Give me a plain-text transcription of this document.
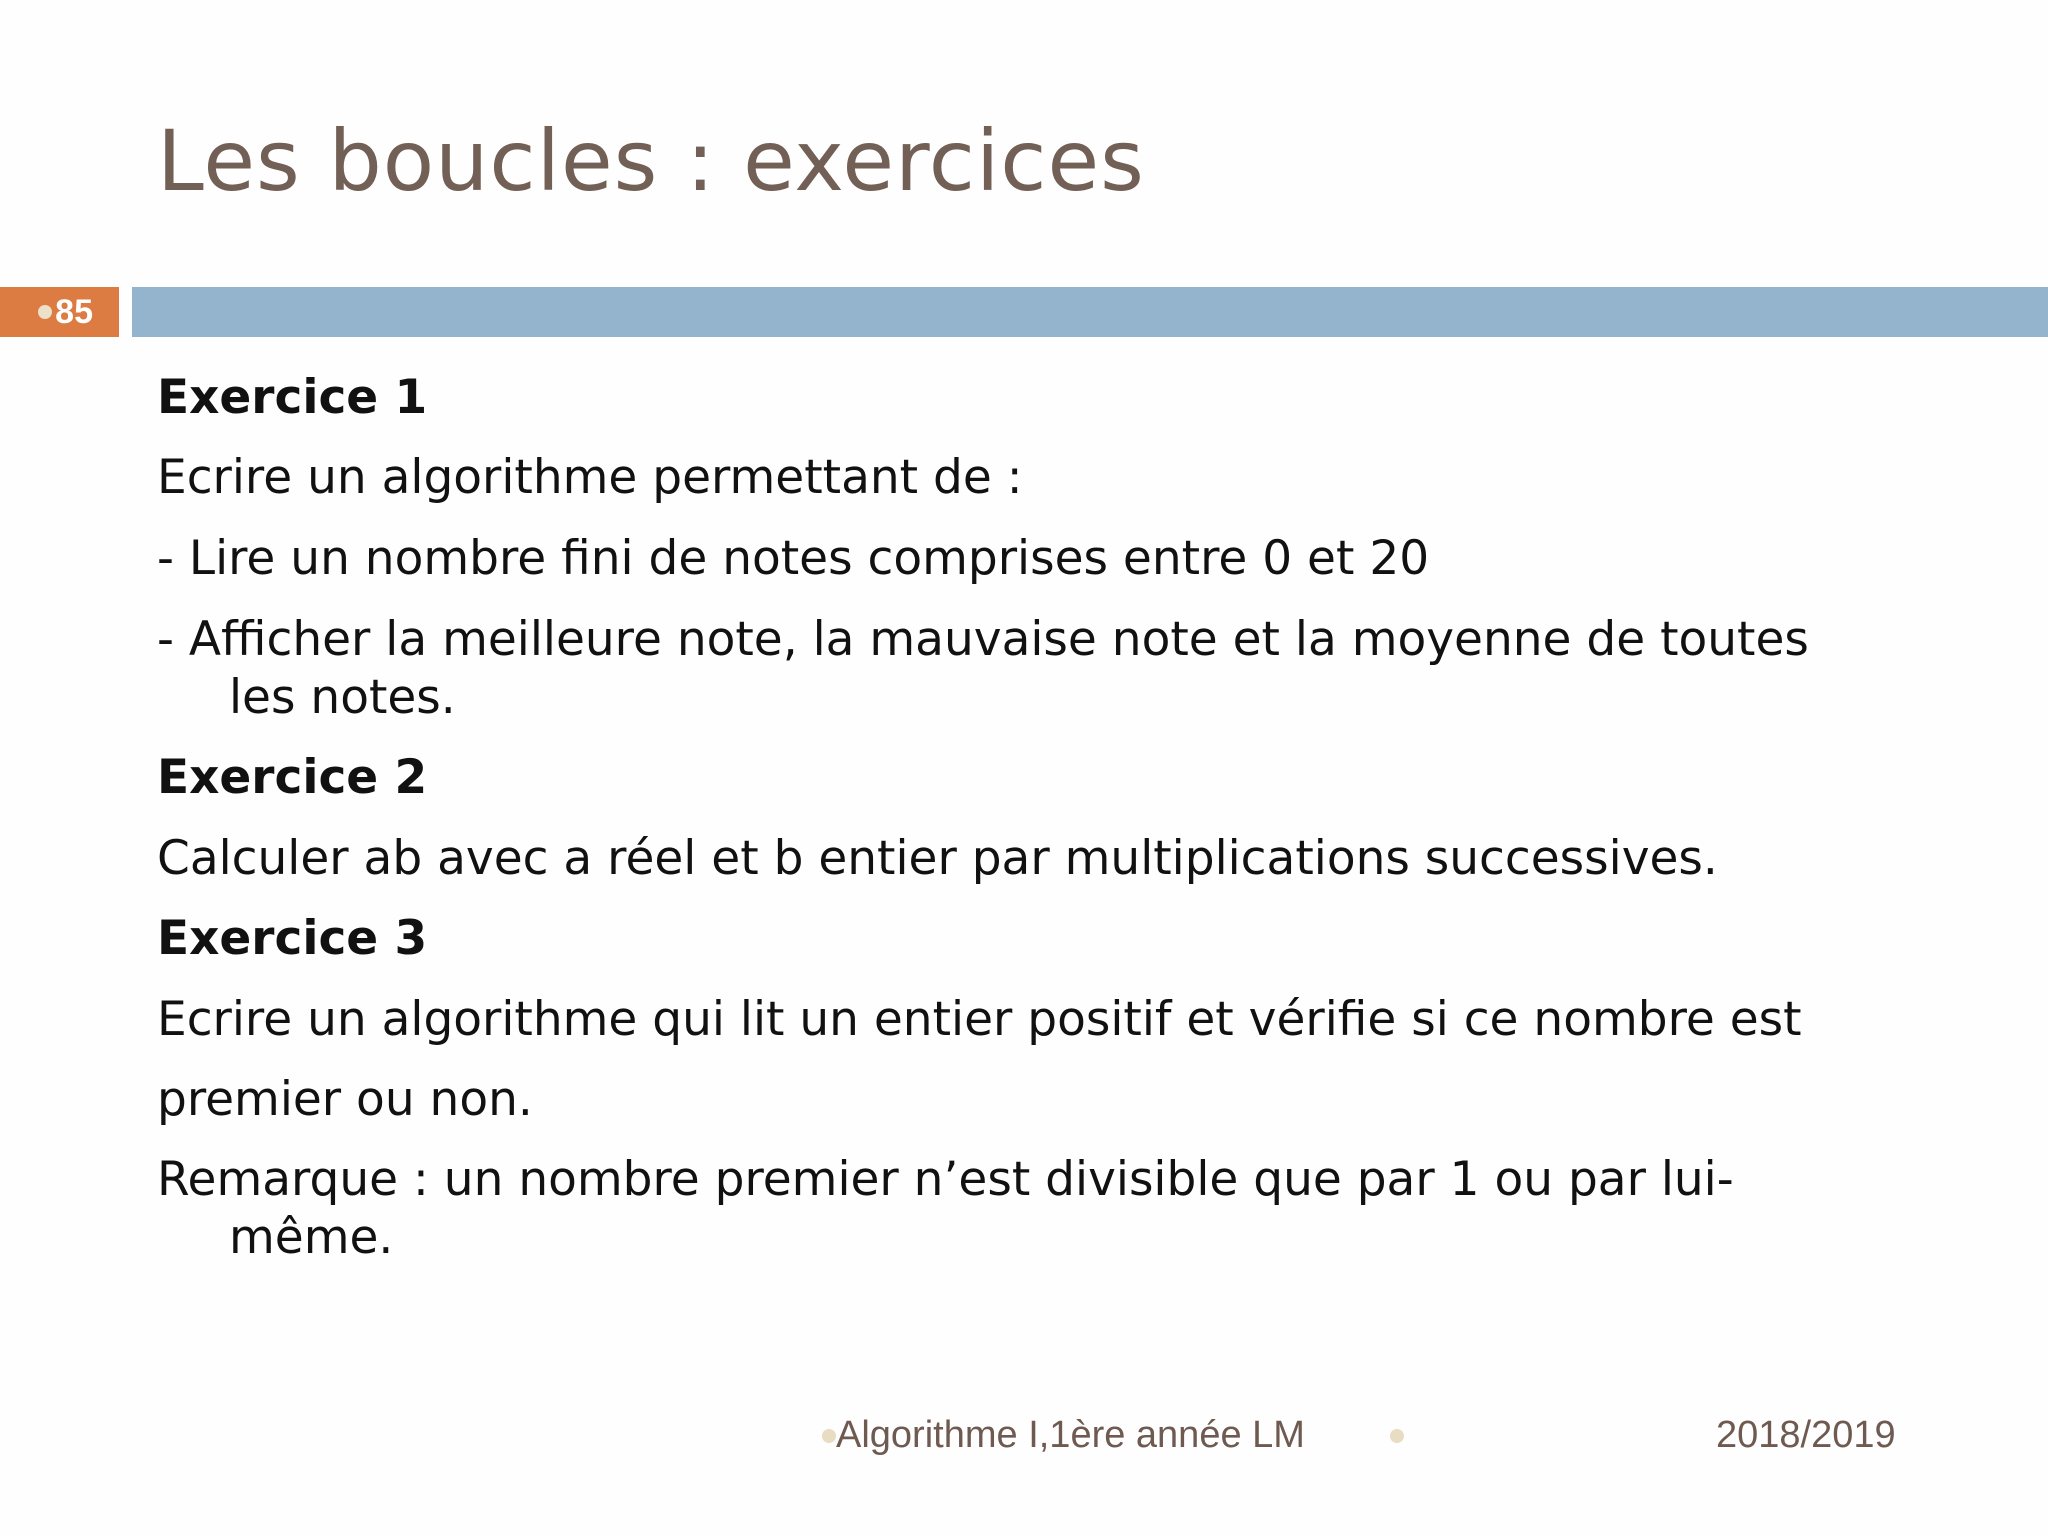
Les boucles : exercices
85
Exercice 1
Ecrire un algorithme permettant de :
- Lire un nombre fini de notes comprises entre 0 et 20
- Afficher la meilleure note, la mauvaise note et la moyenne de toutes
les notes.
Exercice 2
Calculer ab avec a réel et b entier par multiplications successives.
Exercice 3
Ecrire un algorithme qui lit un entier positif et vérifie si ce nombre est
premier ou non.
Remarque : un nombre premier n’est divisible que par 1 ou par lui-
même.
Algorithme I,1ère année LM	2018/2019
